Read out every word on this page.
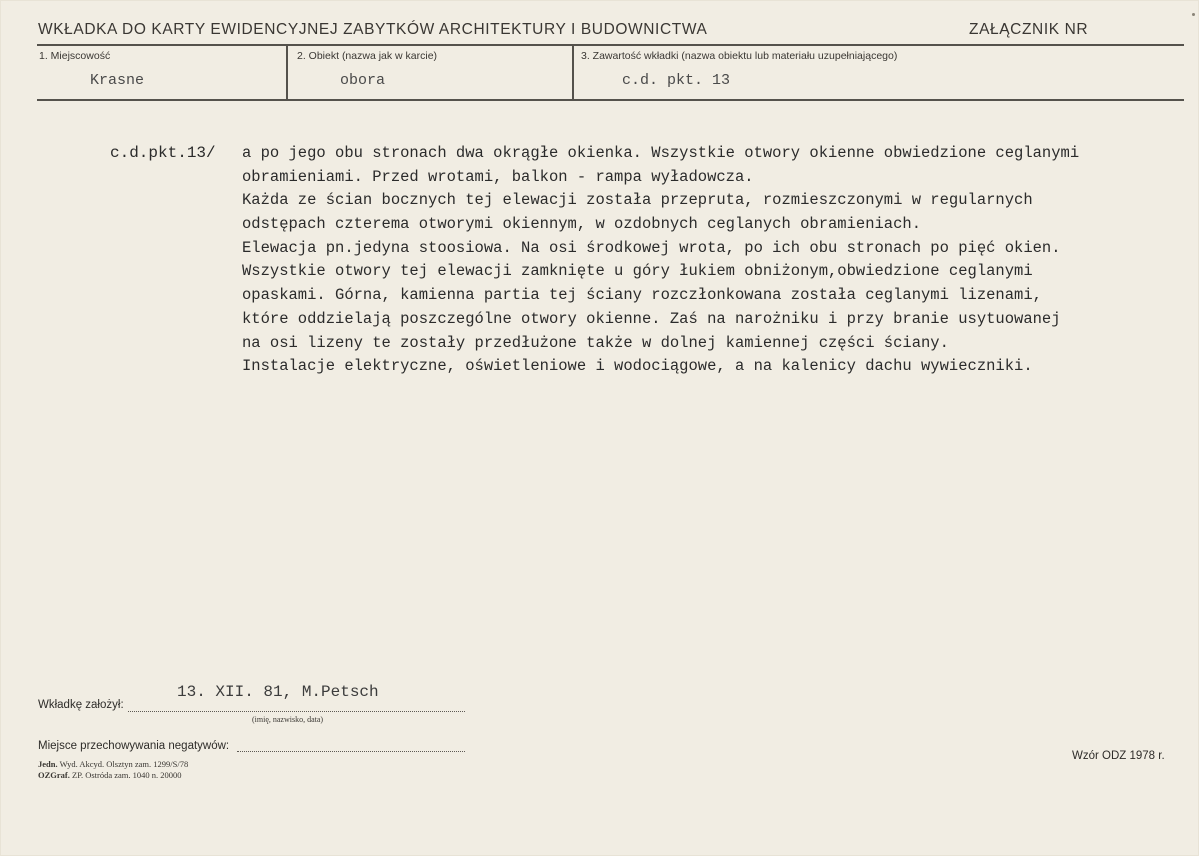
WKŁADKA DO KARTY EWIDENCYJNEJ ZABYTKÓW ARCHITEKTURY I BUDOWNICTWA	ZAŁĄCZNIK NR
1. Miejscowość
Krasne
2. Obiekt (nazwa jak w karcie)
obora
3. Zawartość wkładki (nazwa obiektu lub materiału uzupełniającego)
c.d. pkt. 13
c.d.pkt.13/ a po jego obu stronach dwa okrągłe okienka. Wszystkie otwory okienne obwiedzione ceglanymi
obramieniami. Przed wrotami, balkon - rampa wyładowcza.
Każda ze ścian bocznych tej elewacji została przepruta, rozmieszczonymi w regularnych
odstępach czterema otworymi okiennym, w ozdobnych ceglanych obramieniach.
Elewacja pn.jedyna stoosiowa. Na osi środkowej wrota, po ich obu stronach po pięć okien.
Wszystkie otwory tej elewacji zamknięte u góry łukiem obniżonym,obwiedzione ceglanymi
opaskami. Górna, kamienna partia tej ściany rozczłonkowana została ceglanymi lizenami,
które oddzielają poszczególne otwory okienne. Zaś na narożniku i przy branie usytuowanej
na osi lizeny te zostały przedłużone także w dolnej kamiennej części ściany.
Instalacje elektryczne, oświetleniowe i wodociągowe, a na kalenicy dachu wywieczniki.
13. XII. 81, M.Petsch
Wkładkę założył:
(imię, nazwisko, data)
Miejsce przechowywania negatywów:
Jedn. Wyd. Akcyd. Olsztyn zam. 1299/S/78
OZGraf. ZP. Ostróda zam. 1040 n. 20000
Wzór ODZ 1978 r.
